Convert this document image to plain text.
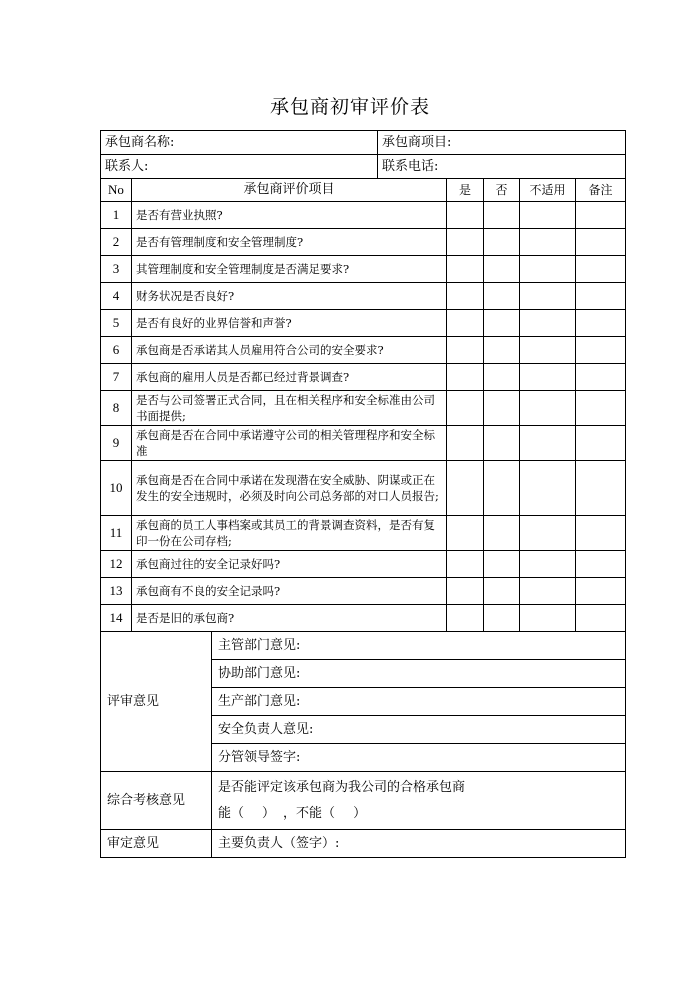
承包商初审评价表
承包商名称:			承包商项目:				
联系人:			联系电话:				
No	承包商评价项目			是	否	不适用	备注
1	是否有营业执照?						
2	是否有管理制度和安全管理制度?						
3	其管理制度和安全管理制度是否满足要求?						
4	财务状况是否良好?						
5	是否有良好的业界信誉和声誉?						
6	承包商是否承诺其人员雇用符合公司的安全要求?						
7	承包商的雇用人员是否都已经过背景调查?						
8	是否与公司签署正式合同，且在相关程序和安全标准由公司书面提供;						
9	承包商是否在合同中承诺遵守公司的相关管理程序和安全标准						
10	承包商是否在合同中承诺在发现潜在安全威胁、阴谋或正在发生的安全违规时，必须及时向公司总务部的对口人员报告;						
11	承包商的员工人事档案或其员工的背景调查资料，是否有复印一份在公司存档;						
12	承包商过往的安全记录好吗?						
13	承包商有不良的安全记录吗?						
14	是否是旧的承包商?						
评审意见		主管部门意见:					
		协助部门意见:					
		生产部门意见:					
		安全负责人意见:					
		分管领导签字:					
综合考核意见		是否能评定该承包商为我公司的合格承包商
能（ ） ，不能（ ）					

审定意见		主要负责人（签字）:					
